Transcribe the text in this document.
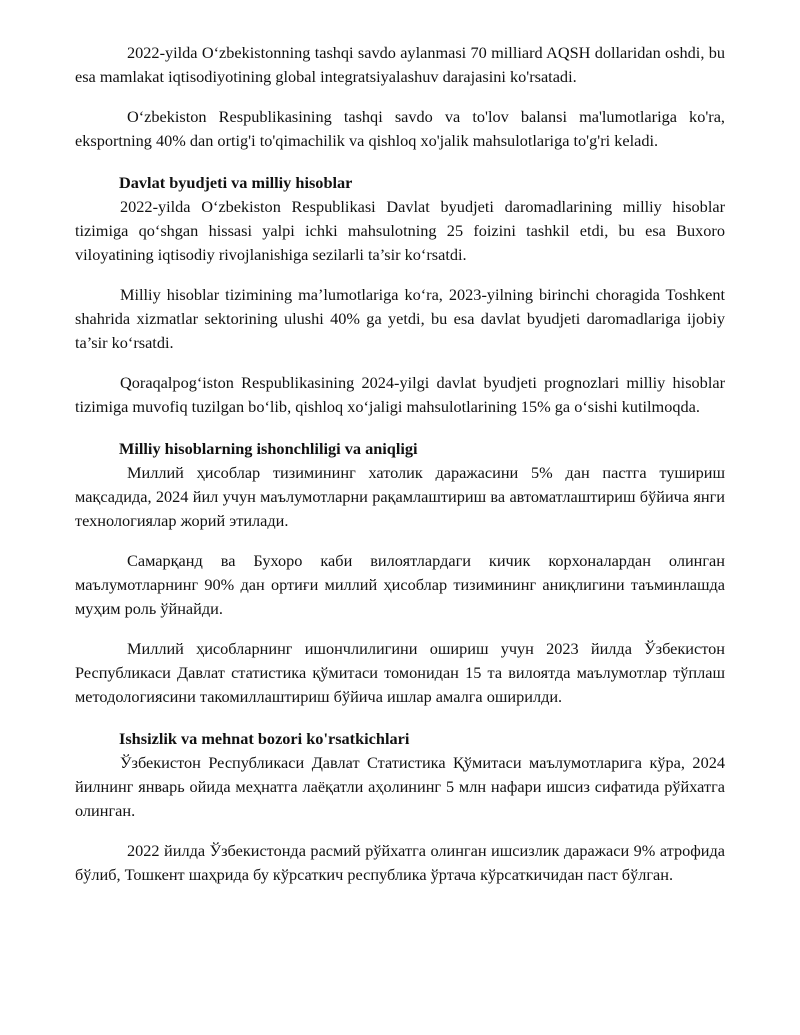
2022-yilda O‘zbekistonning tashqi savdo aylanmasi 70 milliard AQSH dollaridan oshdi, bu esa mamlakat iqtisodiyotining global integratsiyalashuv darajasini ko'rsatadi.

O‘zbekiston Respublikasining tashqi savdo va to'lov balansi ma'lumotlariga ko'ra, eksportning 40% dan ortig'i to'qimachilik va qishloq xo'jalik mahsulotlariga to'g'ri keladi.

Davlat byudjeti va milliy hisoblar

2022-yilda O‘zbekiston Respublikasi Davlat byudjeti daromadlarining milliy hisoblar tizimiga qo‘shgan hissasi yalpi ichki mahsulotning 25 foizini tashkil etdi, bu esa Buxoro viloyatining iqtisodiy rivojlanishiga sezilarli ta’sir ko‘rsatdi.

Milliy hisoblar tizimining ma’lumotlariga ko‘ra, 2023-yilning birinchi choragida Toshkent shahrida xizmatlar sektorining ulushi 40% ga yetdi, bu esa davlat byudjeti daromadlariga ijobiy ta’sir ko‘rsatdi.

Qoraqalpog‘iston Respublikasining 2024-yilgi davlat byudjeti prognozlari milliy hisoblar tizimiga muvofiq tuzilgan bo‘lib, qishloq xo‘jaligi mahsulotlarining 15% ga o‘sishi kutilmoqda.

Milliy hisoblarning ishonchliligi va aniqligi

Миллий ҳисоблар тизимининг хатолик даражасини 5% дан пастга тушириш мақсадида, 2024 йил учун маълумотларни рақамлаштириш ва автоматлаштириш бўйича янги технологиялар жорий этилади.

Самарқанд ва Бухоро каби вилоятлардаги кичик корхоналардан олинган маълумотларнинг 90% дан ортиғи миллий ҳисоблар тизимининг аниқлигини таъминлашда муҳим роль ўйнайди.

Миллий ҳисобларнинг ишончлилигини ошириш учун 2023 йилда Ўзбекистон Республикаси Давлат статистика қўмитаси томонидан 15 та вилоятда маълумотлар тўплаш методологиясини такомиллаштириш бўйича ишлар амалга оширилди.

Ishsizlik va mehnat bozori ko'rsatkichlari

Ўзбекистон Республикаси Давлат Статистика Қўмитаси маълумотларига кўра, 2024 йилнинг январь ойида меҳнатга лаёқатли аҳолининг 5 млн нафари ишсиз сифатида рўйхатга олинган.

2022 йилда Ўзбекистонда расмий рўйхатга олинган ишсизлик даражаси 9% атрофида бўлиб, Тошкент шаҳрида бу кўрсаткич республика ўртача кўрсаткичидан паст бўлган.
